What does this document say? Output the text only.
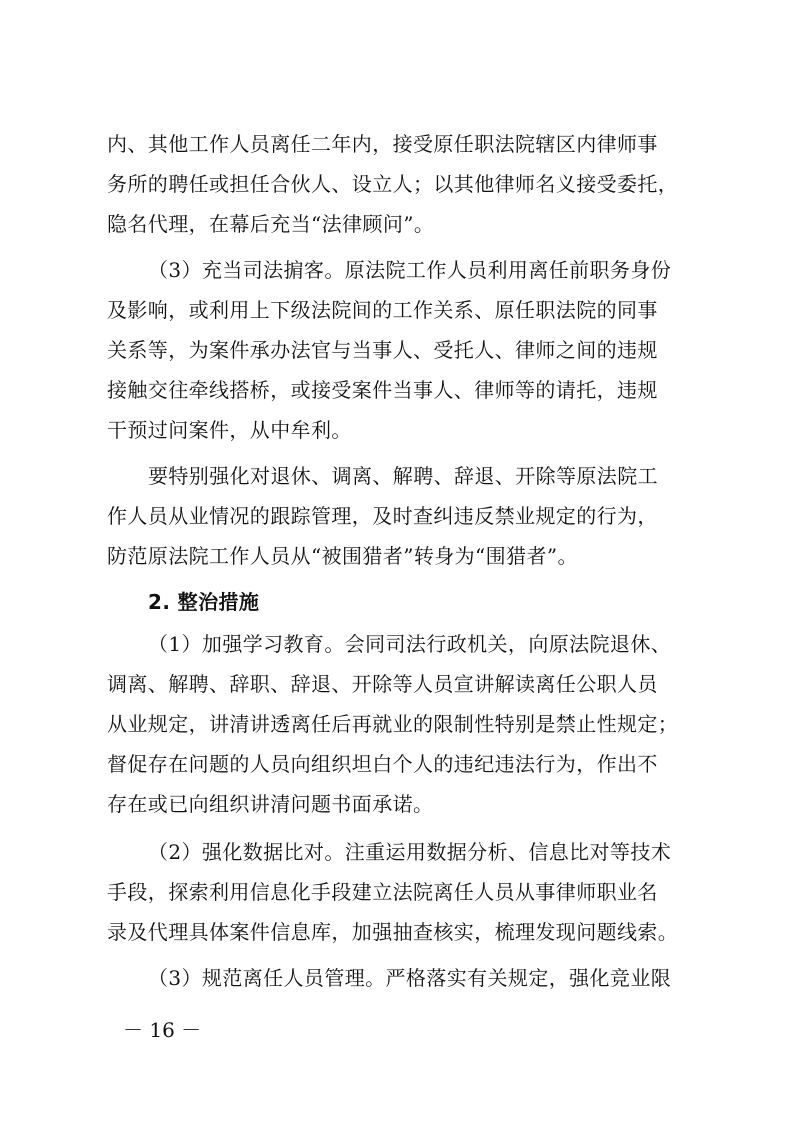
内、其他工作人员离任二年内，接受原任职法院辖区内律师事
务所的聘任或担任合伙人、设立人；以其他律师名义接受委托，
隐名代理，在幕后充当“法律顾问”。
（3）充当司法掮客。原法院工作人员利用离任前职务身份
及影响，或利用上下级法院间的工作关系、原任职法院的同事
关系等，为案件承办法官与当事人、受托人、律师之间的违规
接触交往牵线搭桥，或接受案件当事人、律师等的请托，违规
干预过问案件，从中牟利。
要特别强化对退休、调离、解聘、辞退、开除等原法院工
作人员从业情况的跟踪管理，及时查纠违反禁业规定的行为，
防范原法院工作人员从“被围猎者”转身为“围猎者”。
2. 整治措施
（1）加强学习教育。会同司法行政机关，向原法院退休、
调离、解聘、辞职、辞退、开除等人员宣讲解读离任公职人员
从业规定，讲清讲透离任后再就业的限制性特别是禁止性规定；
督促存在问题的人员向组织坦白个人的违纪违法行为，作出不
存在或已向组织讲清问题书面承诺。
（2）强化数据比对。注重运用数据分析、信息比对等技术
手段，探索利用信息化手段建立法院离任人员从事律师职业名
录及代理具体案件信息库，加强抽查核实，梳理发现问题线索。
（3）规范离任人员管理。严格落实有关规定，强化竞业限
－ 16 －
